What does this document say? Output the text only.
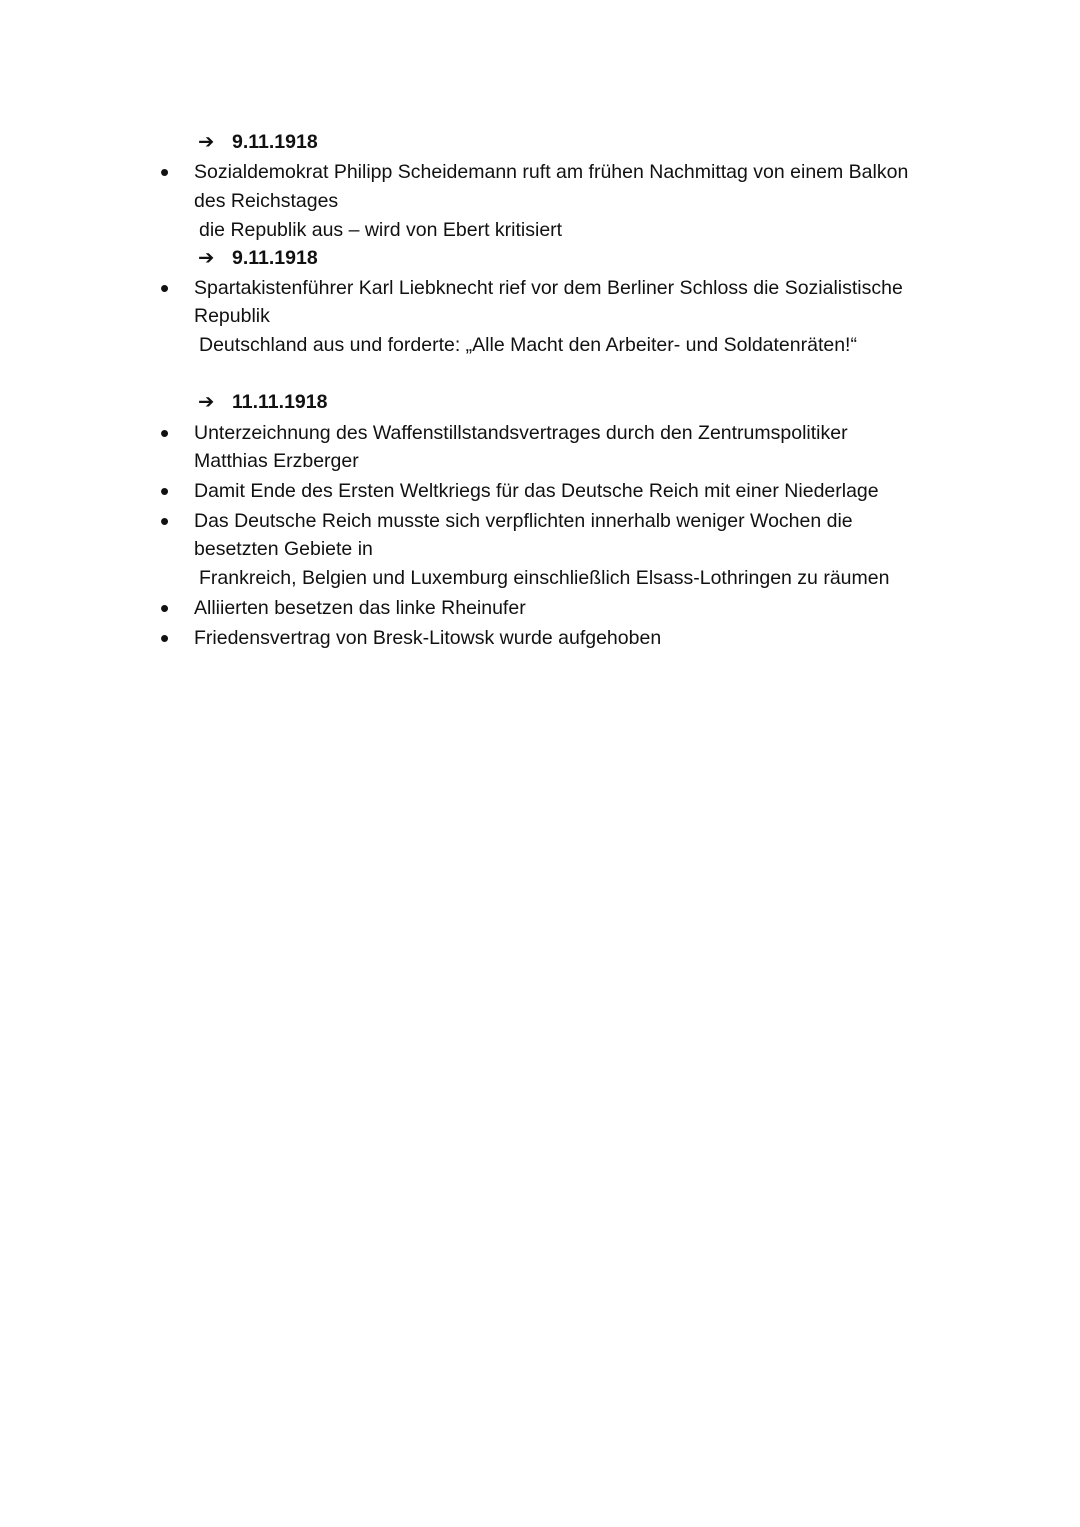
➔ 9.11.1918
• Sozialdemokrat Philipp Scheidemann ruft am frühen Nachmittag von einem Balkon
des Reichstages
die Republik aus – wird von Ebert kritisiert
➔ 9.11.1918
• Spartakistenführer Karl Liebknecht rief vor dem Berliner Schloss die Sozialistische
Republik
Deutschland aus und forderte: „Alle Macht den Arbeiter- und Soldatenräten!“
➔ 11.11.1918
• Unterzeichnung des Waffenstillstandsvertrages durch den Zentrumspolitiker
Matthias Erzberger
• Damit Ende des Ersten Weltkriegs für das Deutsche Reich mit einer Niederlage
• Das Deutsche Reich musste sich verpflichten innerhalb weniger Wochen die
besetzten Gebiete in
Frankreich, Belgien und Luxemburg einschließlich Elsass-Lothringen zu räumen
• Alliierten besetzen das linke Rheinufer
• Friedensvertrag von Bresk-Litowsk wurde aufgehoben
